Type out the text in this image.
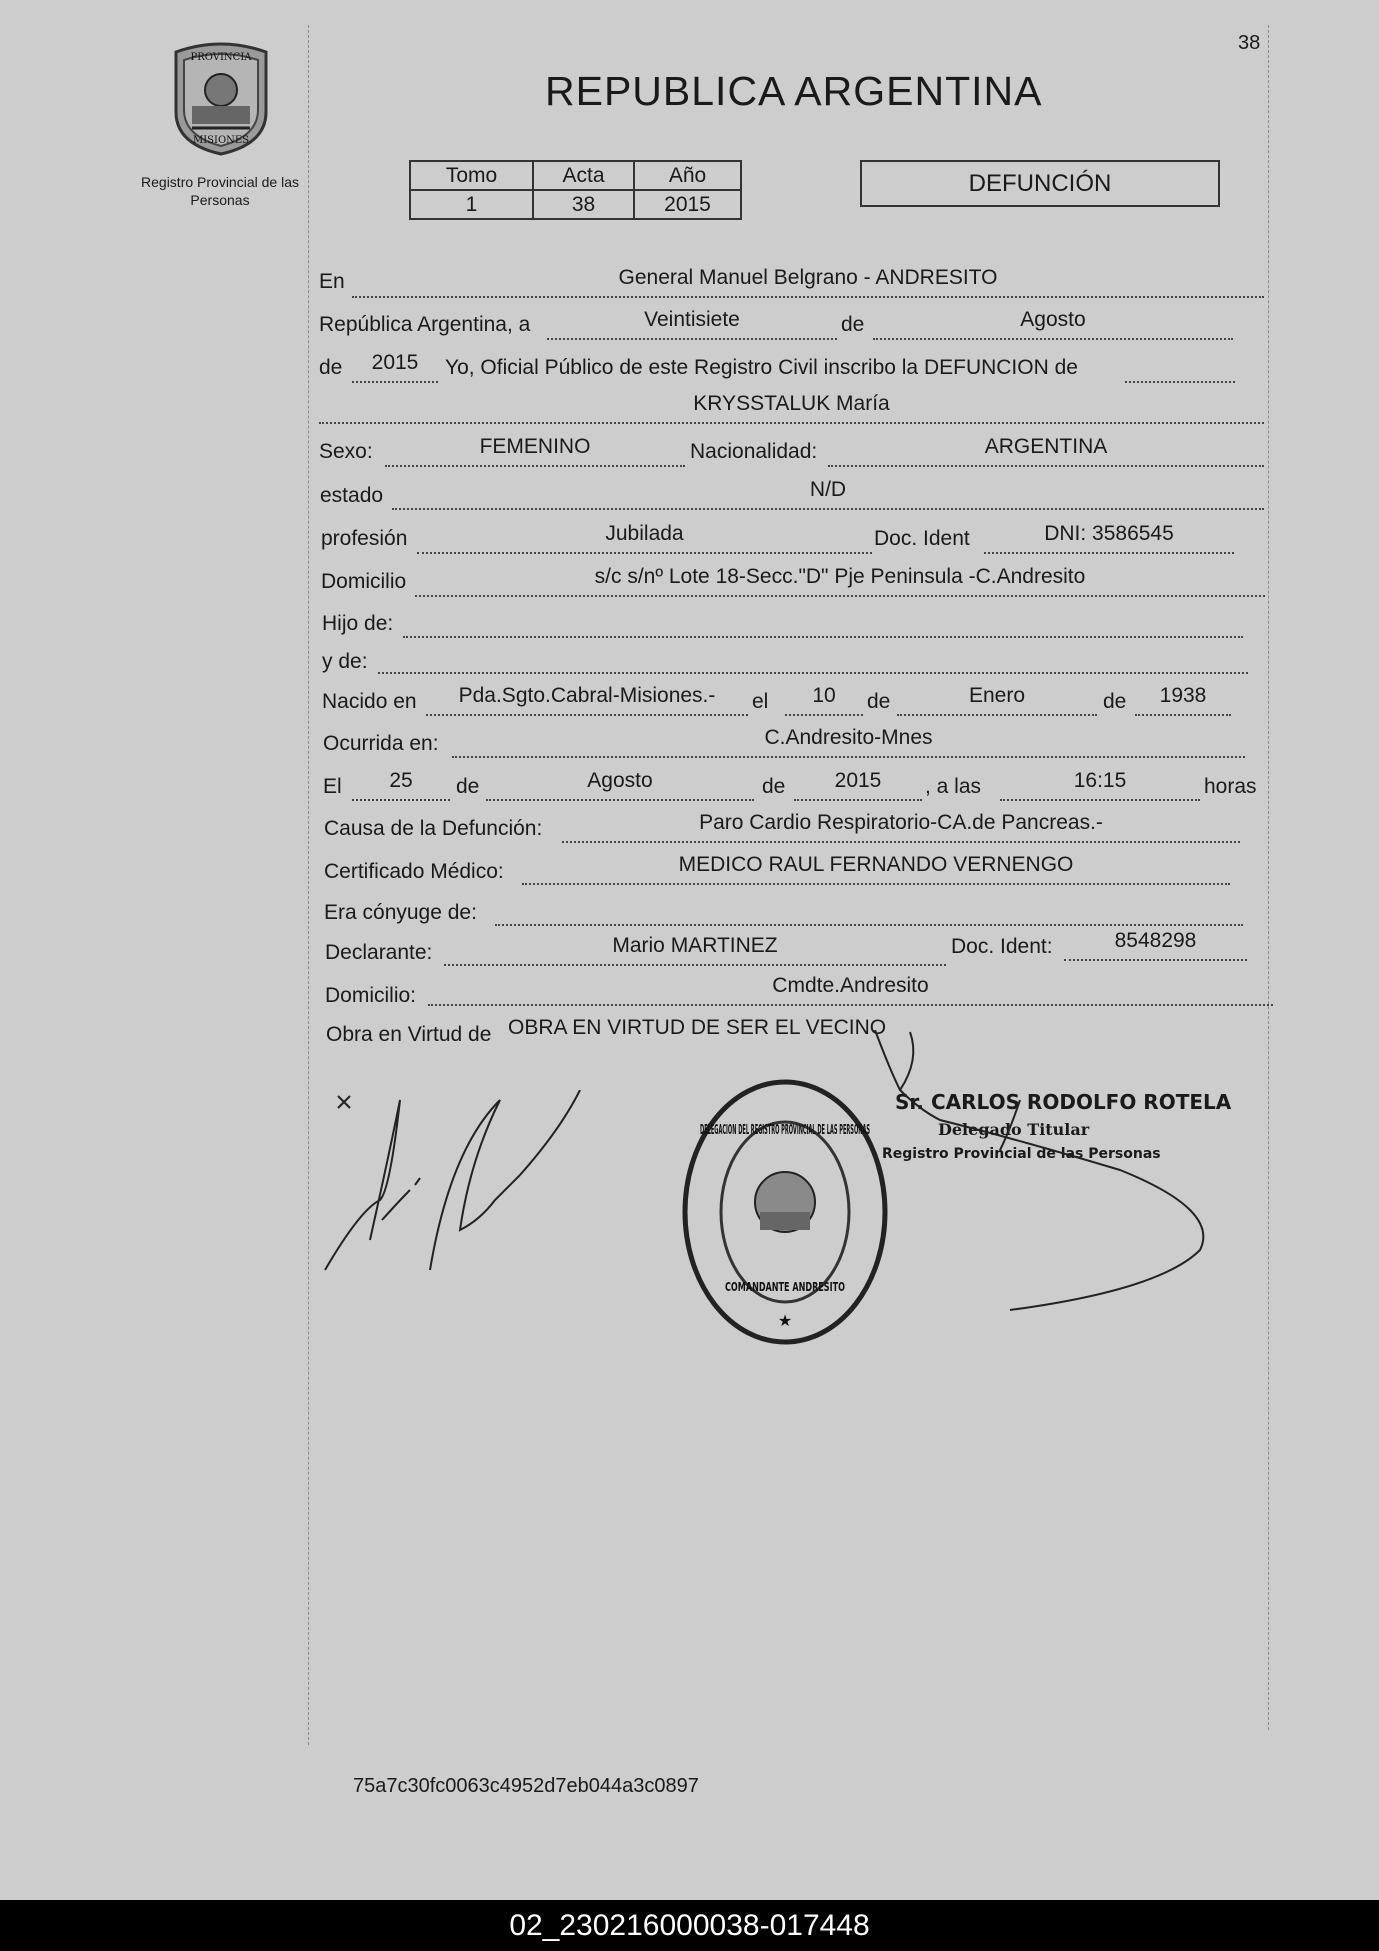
38
PROVINCIA
MISIONES
Registro Provincial de las Personas
REPUBLICA ARGENTINA
Tomo	Acta	Año
1	38	2015
DEFUNCIÓN
En	General Manuel Belgrano - ANDRESITO
República Argentina, a	Veintisiete	de	Agosto
de	2015	Yo, Oficial Público de este Registro Civil inscribo la DEFUNCION de
KRYSSTALUK María
Sexo:	FEMENINO	Nacionalidad:	ARGENTINA
estado	N/D
profesión	Jubilada	Doc. Ident	DNI: 3586545
Domicilio	s/c s/nº Lote 18-Secc."D" Pje Peninsula -C.Andresito
Hijo de:
y de:
Nacido en	Pda.Sgto.Cabral-Misiones.-	el	10	de	Enero	de	1938
Ocurrida en:	C.Andresito-Mnes
El	25	de	Agosto	de	2015	, a las	16:15	horas
Causa de la Defunción:	Paro Cardio Respiratorio-CA.de Pancreas.-
Certificado Médico:	MEDICO RAUL FERNANDO VERNENGO
Era cónyuge de:
Declarante:	Mario MARTINEZ	Doc. Ident:	8548298
Domicilio:	Cmdte.Andresito
Obra en Virtud de OBRA EN VIRTUD DE SER EL VECINO
DELEGACION DEL REGISTRO PROVINCIAL DE LAS PERSONAS
COMANDANTE ANDRESITO
★
Sr. CARLOS RODOLFO ROTELA
Delegado Titular
Registro Provincial de las Personas
75a7c30fc0063c4952d7eb044a3c0897
02_230216000038-017448
